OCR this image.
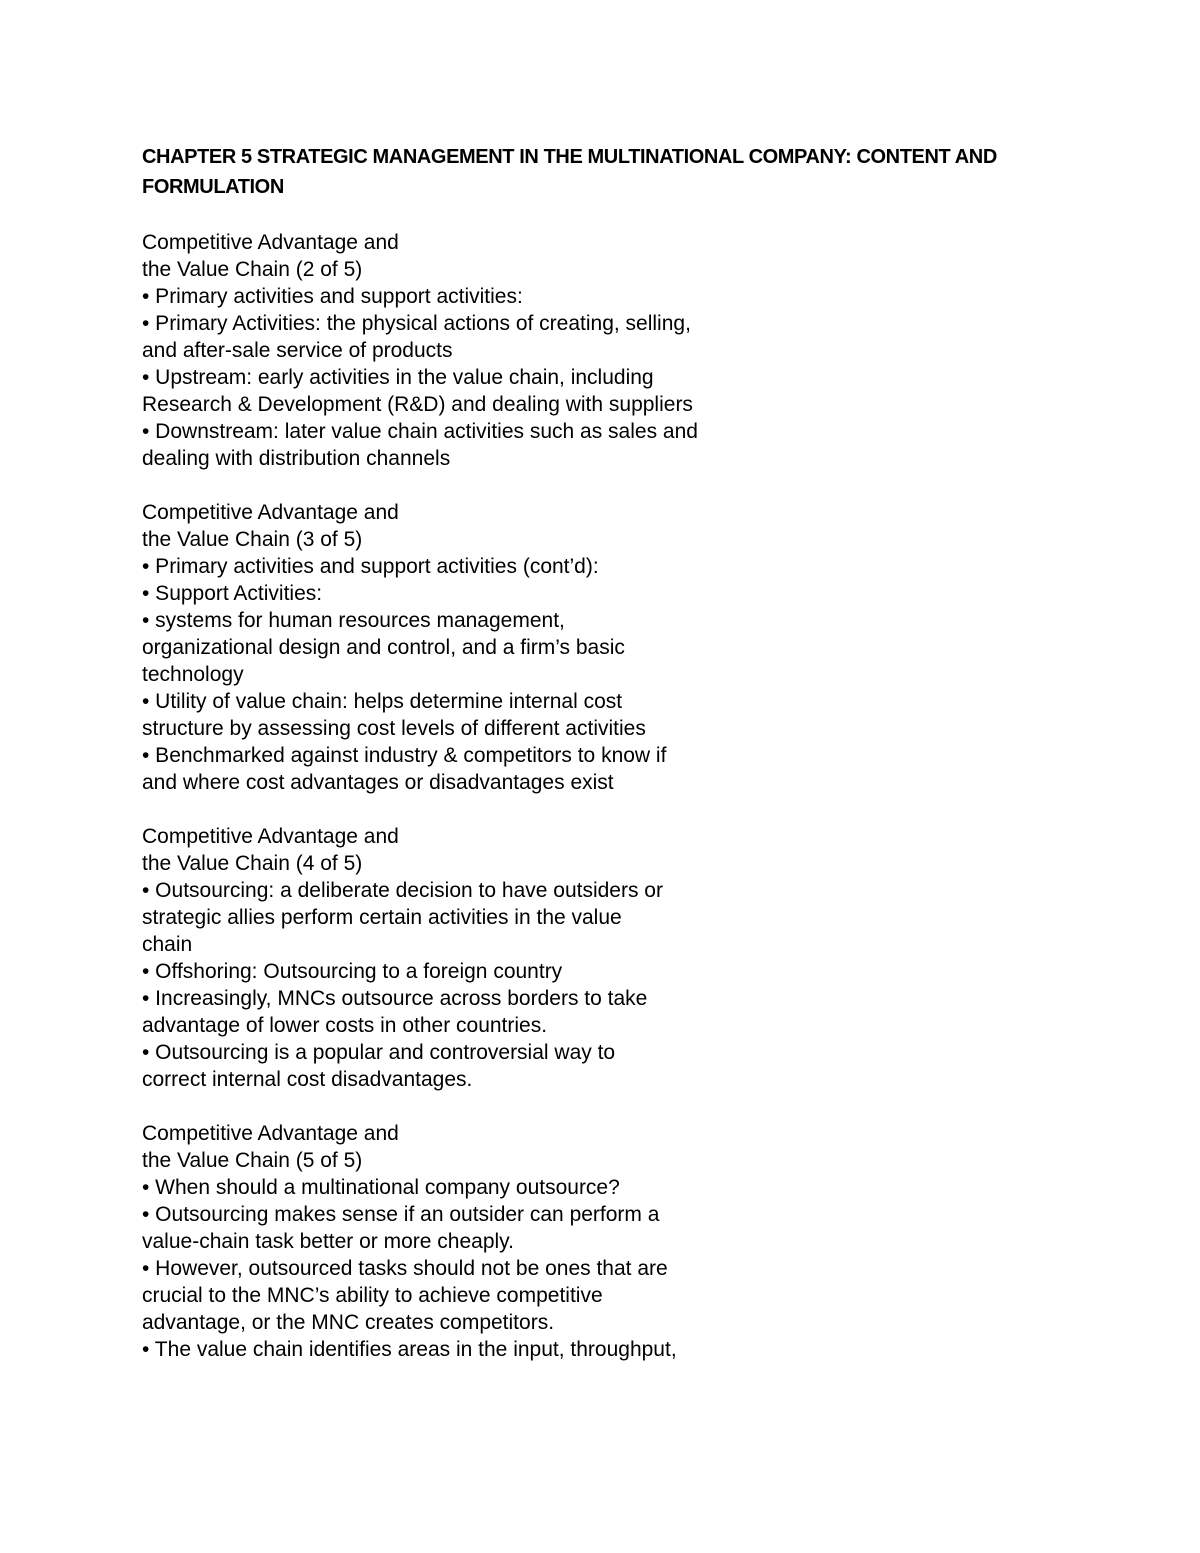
CHAPTER 5 STRATEGIC MANAGEMENT IN THE MULTINATIONAL COMPANY: CONTENT AND
FORMULATION

Competitive Advantage and

the Value Chain (2 of 5)

• Primary activities and support activities:

• Primary Activities: the physical actions of creating, selling,

and after-sale service of products

• Upstream: early activities in the value chain, including

Research & Development (R&D) and dealing with suppliers

• Downstream: later value chain activities such as sales and

dealing with distribution channels

Competitive Advantage and

the Value Chain (3 of 5)

• Primary activities and support activities (cont’d):

• Support Activities:

• systems for human resources management,

organizational design and control, and a firm’s basic

technology

• Utility of value chain: helps determine internal cost

structure by assessing cost levels of different activities

• Benchmarked against industry & competitors to know if

and where cost advantages or disadvantages exist

Competitive Advantage and

the Value Chain (4 of 5)

• Outsourcing: a deliberate decision to have outsiders or

strategic allies perform certain activities in the value

chain

• Offshoring: Outsourcing to a foreign country

• Increasingly, MNCs outsource across borders to take

advantage of lower costs in other countries.

• Outsourcing is a popular and controversial way to

correct internal cost disadvantages.

Competitive Advantage and

the Value Chain (5 of 5)

• When should a multinational company outsource?

• Outsourcing makes sense if an outsider can perform a

value-chain task better or more cheaply.

• However, outsourced tasks should not be ones that are

crucial to the MNC’s ability to achieve competitive

advantage, or the MNC creates competitors.

• The value chain identifies areas in the input, throughput,
